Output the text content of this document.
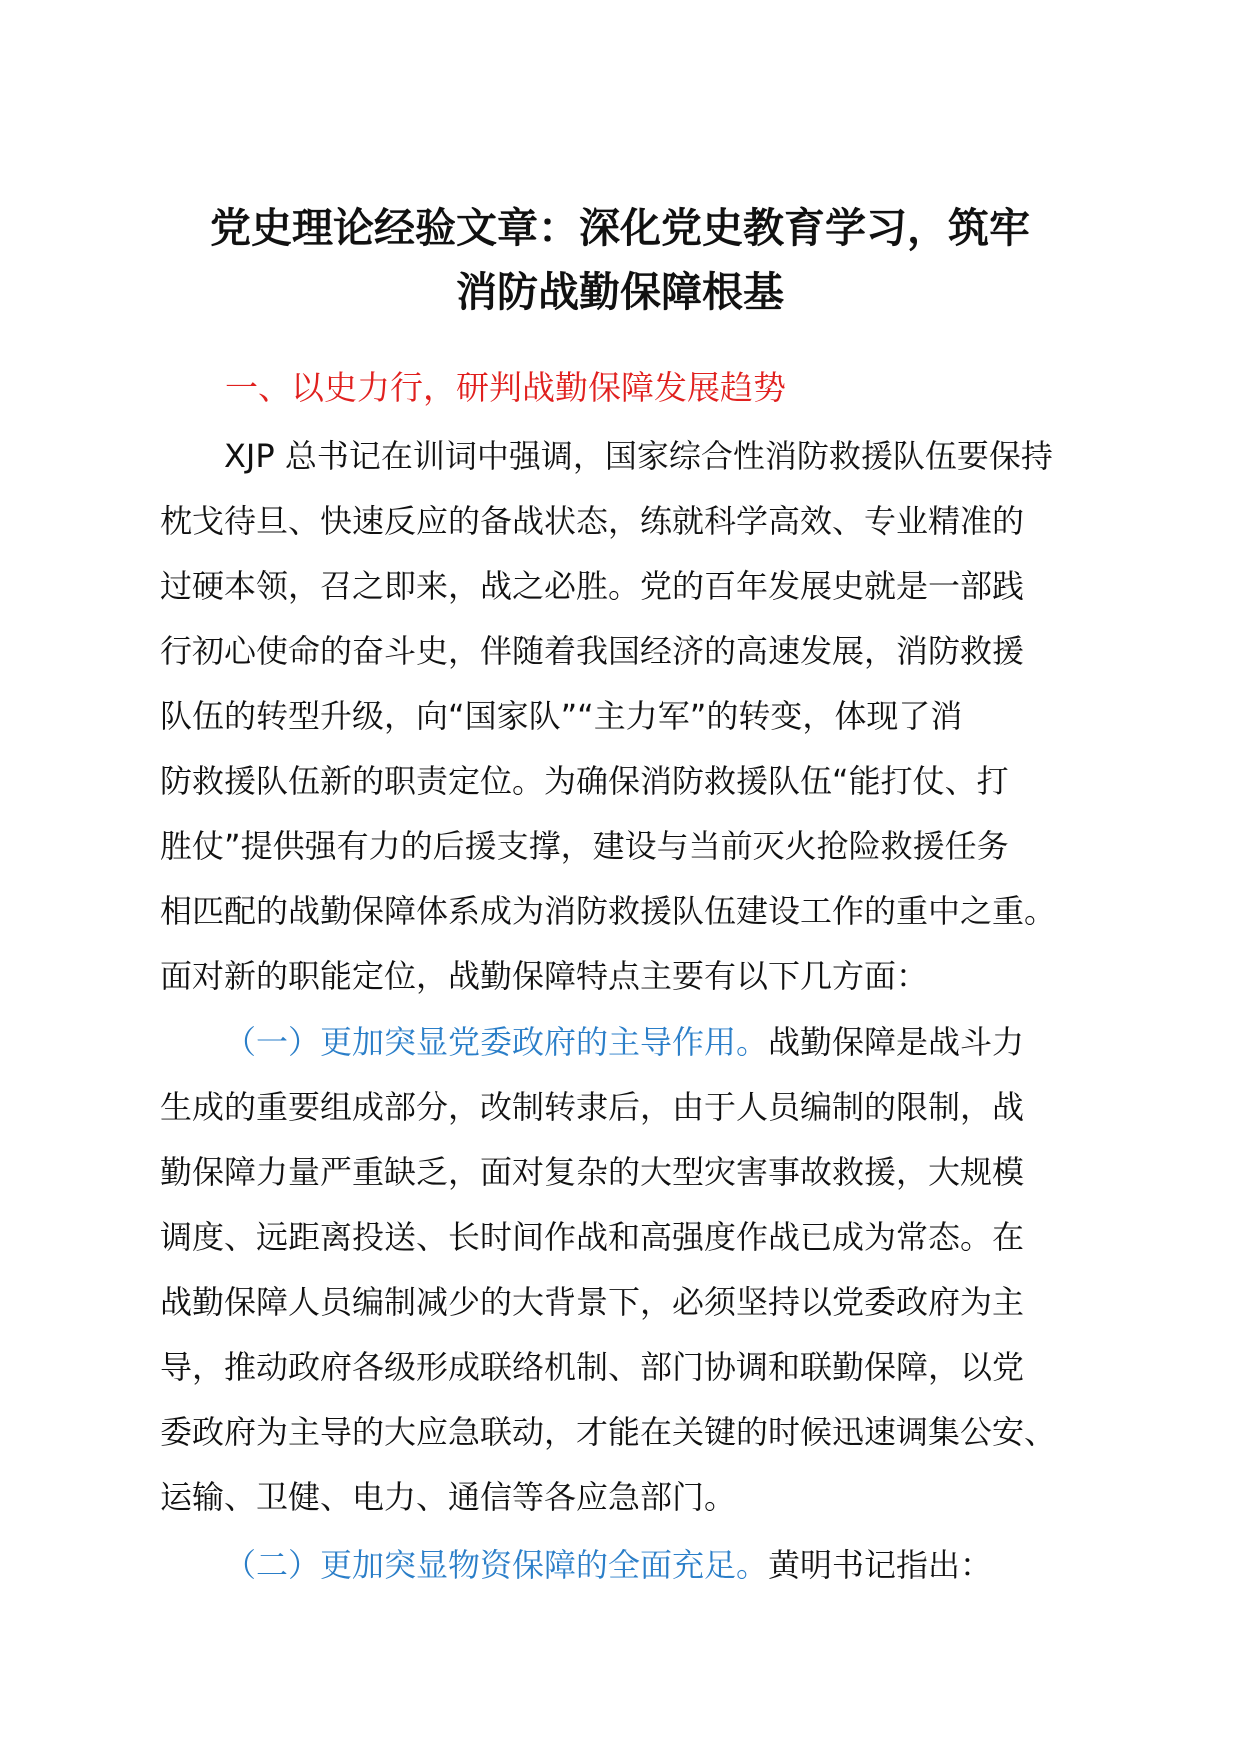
党史理论经验文章：深化党史教育学习，筑牢
消防战勤保障根基
一、以史力行，研判战勤保障发展趋势
XJP 总书记在训词中强调，国家综合性消防救援队伍要保持
枕戈待旦、快速反应的备战状态，练就科学高效、专业精准的
过硬本领，召之即来，战之必胜。党的百年发展史就是一部践
行初心使命的奋斗史，伴随着我国经济的高速发展，消防救援
队伍的转型升级，向“国家队”“主力军”的转变，体现了消
防救援队伍新的职责定位。为确保消防救援队伍“能打仗、打
胜仗”提供强有力的后援支撑，建设与当前灭火抢险救援任务
相匹配的战勤保障体系成为消防救援队伍建设工作的重中之重。
面对新的职能定位，战勤保障特点主要有以下几方面：
（一）更加突显党委政府的主导作用。战勤保障是战斗力
生成的重要组成部分，改制转隶后，由于人员编制的限制，战
勤保障力量严重缺乏，面对复杂的大型灾害事故救援，大规模
调度、远距离投送、长时间作战和高强度作战已成为常态。在
战勤保障人员编制减少的大背景下，必须坚持以党委政府为主
导，推动政府各级形成联络机制、部门协调和联勤保障，以党
委政府为主导的大应急联动，才能在关键的时候迅速调集公安、
运输、卫健、电力、通信等各应急部门。
（二）更加突显物资保障的全面充足。黄明书记指出：
